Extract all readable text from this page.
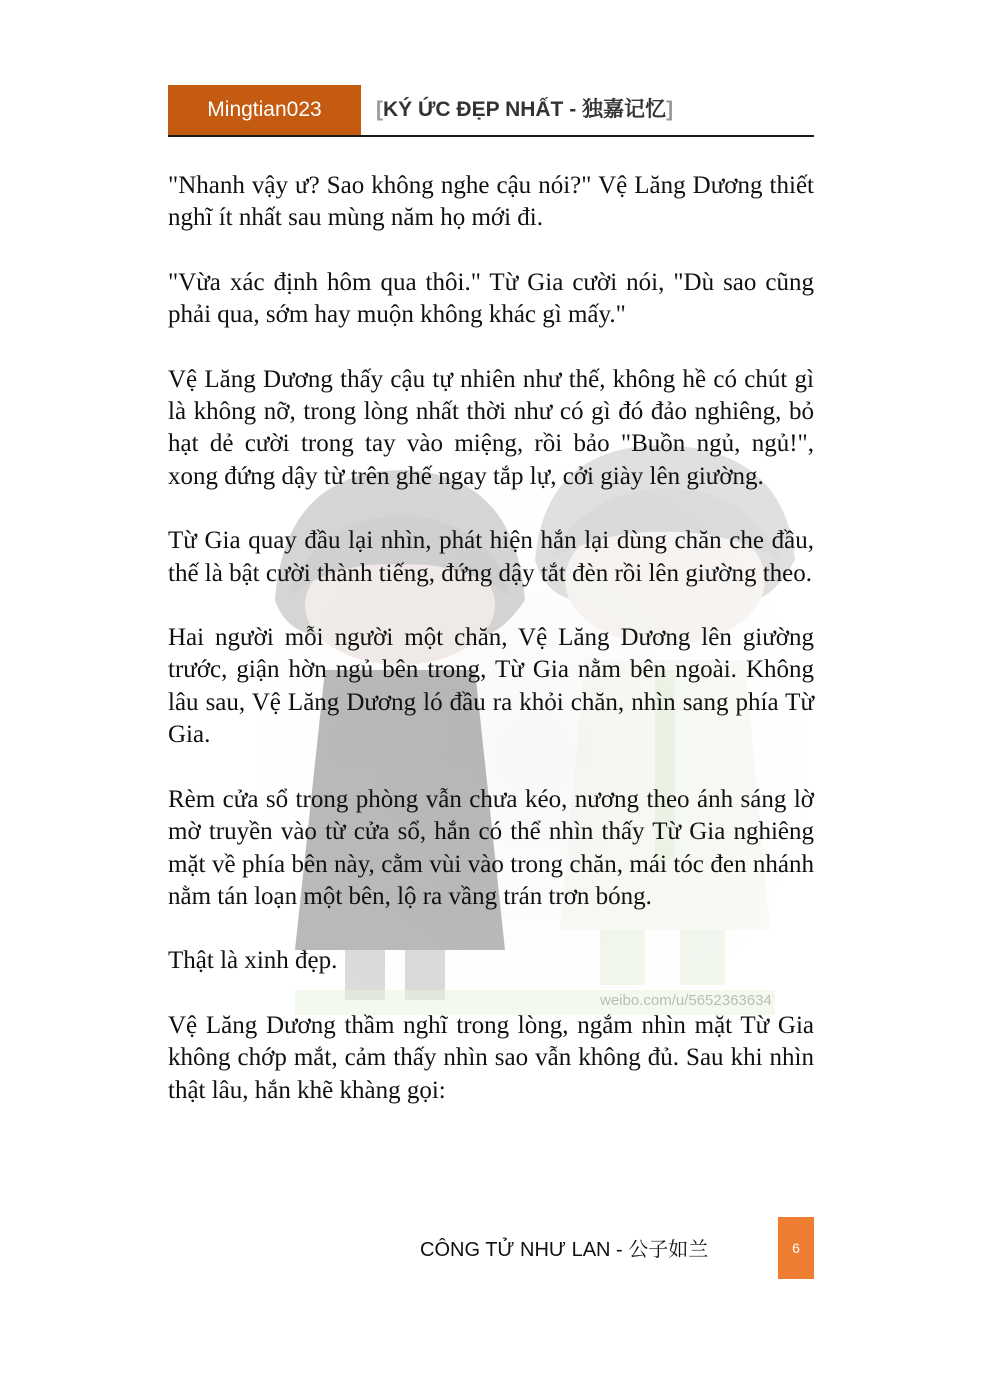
Mingtian023	[KÝ ỨC ĐẸP NHẤT - 独嘉记忆]
weibo.com/u/5652363634

"Nhanh vậy ư? Sao không nghe cậu nói?" Vệ Lăng Dương thiết nghĩ ít nhất sau mùng năm họ mới đi.

"Vừa xác định hôm qua thôi." Từ Gia cười nói, "Dù sao cũng phải qua, sớm hay muộn không khác gì mấy."

Vệ Lăng Dương thấy cậu tự nhiên như thế, không hề có chút gì là không nỡ, trong lòng nhất thời như có gì đó đảo nghiêng, bỏ hạt dẻ cười trong tay vào miệng, rồi bảo "Buồn ngủ, ngủ!", xong đứng dậy từ trên ghế ngay tắp lự, cởi giày lên giường.

Từ Gia quay đầu lại nhìn, phát hiện hắn lại dùng chăn che đầu, thế là bật cười thành tiếng, đứng dậy tắt đèn rồi lên giường theo.

Hai người mỗi người một chăn, Vệ Lăng Dương lên giường trước, giận hờn ngủ bên trong, Từ Gia nằm bên ngoài. Không lâu sau, Vệ Lăng Dương ló đầu ra khỏi chăn, nhìn sang phía Từ Gia.

Rèm cửa sổ trong phòng vẫn chưa kéo, nương theo ánh sáng lờ mờ truyền vào từ cửa sổ, hắn có thể nhìn thấy Từ Gia nghiêng mặt về phía bên này, cằm vùi vào trong chăn, mái tóc đen nhánh nằm tán loạn một bên, lộ ra vầng trán trơn bóng.

Thật là xinh đẹp.

Vệ Lăng Dương thầm nghĩ trong lòng, ngắm nhìn mặt Từ Gia không chớp mắt, cảm thấy nhìn sao vẫn không đủ. Sau khi nhìn thật lâu, hắn khẽ khàng gọi:

CÔNG TỬ NHƯ LAN - 公子如兰	6
